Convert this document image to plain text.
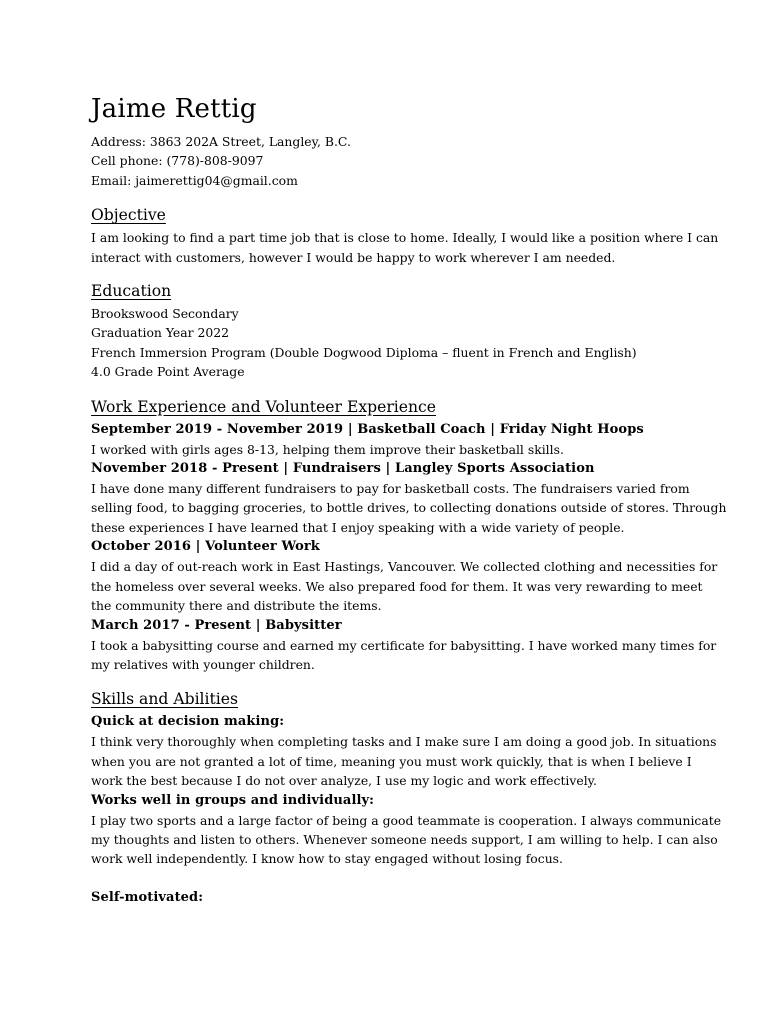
Jaime Rettig

Address: 3863 202A Street, Langley, B.C.

Cell phone: (778)-808-9097

Email: jaimerettig04@gmail.com

Objective

I am looking to find a part time job that is close to home. Ideally, I would like a position where I can

interact with customers, however I would be happy to work wherever I am needed.

Education

Brookswood Secondary

Graduation Year 2022

French Immersion Program (Double Dogwood Diploma – fluent in French and English)

4.0 Grade Point Average

Work Experience and Volunteer Experience

September 2019 - November 2019 | Basketball Coach | Friday Night Hoops

I worked with girls ages 8-13, helping them improve their basketball skills.

November 2018 - Present | Fundraisers | Langley Sports Association

I have done many different fundraisers to pay for basketball costs. The fundraisers varied from

selling food, to bagging groceries, to bottle drives, to collecting donations outside of stores. Through

these experiences I have learned that I enjoy speaking with a wide variety of people.

October 2016 | Volunteer Work

I did a day of out-reach work in East Hastings, Vancouver. We collected clothing and necessities for

the homeless over several weeks. We also prepared food for them. It was very rewarding to meet

the community there and distribute the items.

March 2017 - Present | Babysitter

I took a babysitting course and earned my certificate for babysitting. I have worked many times for

my relatives with younger children.

Skills and Abilities

Quick at decision making:

I think very thoroughly when completing tasks and I make sure I am doing a good job. In situations

when you are not granted a lot of time, meaning you must work quickly, that is when I believe I

work the best because I do not over analyze, I use my logic and work effectively.

Works well in groups and individually:

I play two sports and a large factor of being a good teammate is cooperation. I always communicate

my thoughts and listen to others. Whenever someone needs support, I am willing to help. I can also

work well independently. I know how to stay engaged without losing focus.

Self-motivated:
